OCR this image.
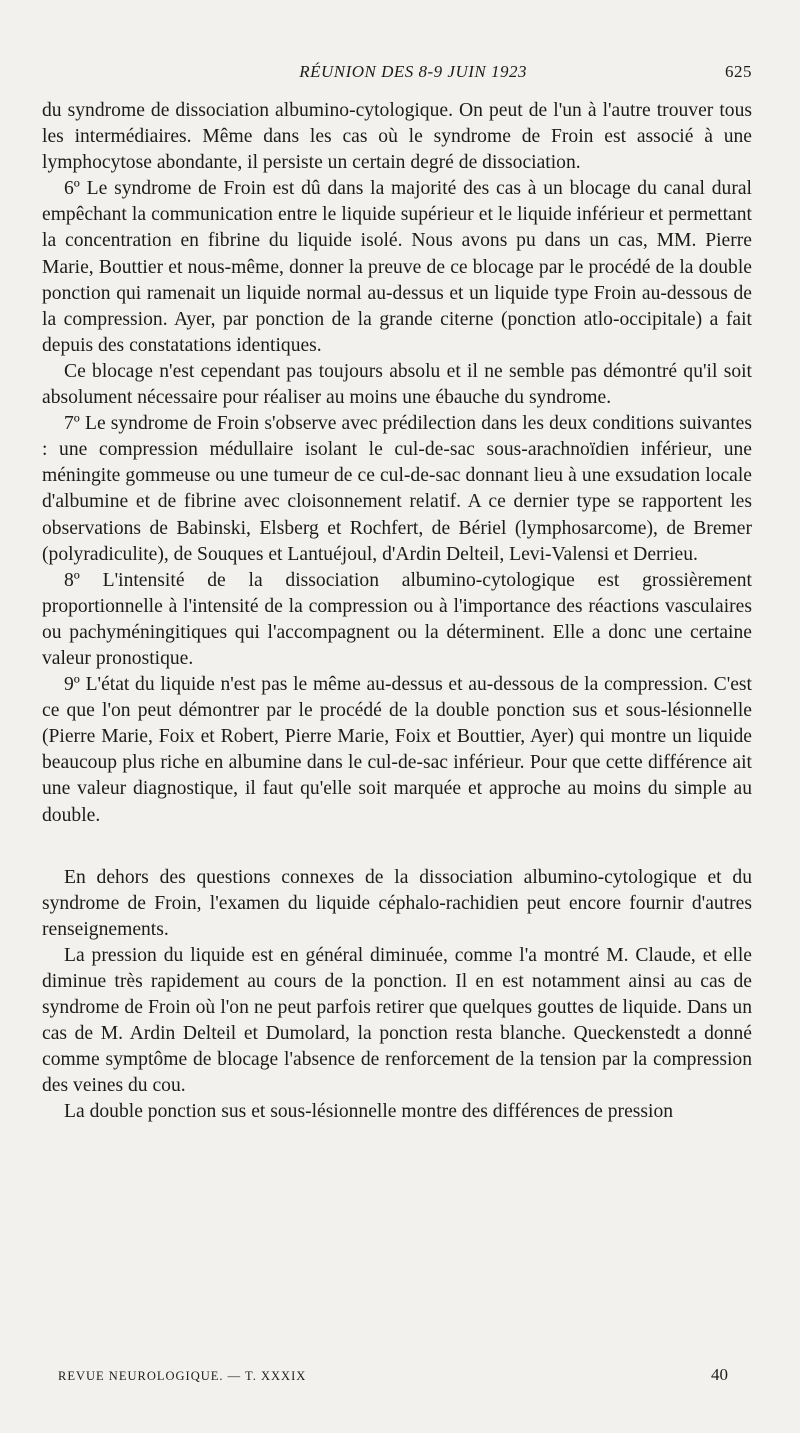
RÉUNION DES 8-9 JUIN 1923	625

du syndrome de dissociation albumino-cytologique. On peut de l'un à l'autre trouver tous les intermédiaires. Même dans les cas où le syndrome de Froin est associé à une lymphocytose abondante, il persiste un certain degré de dissociation.

6º Le syndrome de Froin est dû dans la majorité des cas à un blocage du canal dural empêchant la communication entre le liquide supérieur et le liquide inférieur et permettant la concentration en fibrine du liquide isolé. Nous avons pu dans un cas, MM. Pierre Marie, Bouttier et nous-même, donner la preuve de ce blocage par le procédé de la double ponction qui ramenait un liquide normal au-dessus et un liquide type Froin au-dessous de la compression. Ayer, par ponction de la grande citerne (ponction atlo-occipitale) a fait depuis des constatations identiques.

Ce blocage n'est cependant pas toujours absolu et il ne semble pas démontré qu'il soit absolument nécessaire pour réaliser au moins une ébauche du syndrome.

7º Le syndrome de Froin s'observe avec prédilection dans les deux conditions suivantes : une compression médullaire isolant le cul-de-sac sous-arachnoïdien inférieur, une méningite gommeuse ou une tumeur de ce cul-de-sac donnant lieu à une exsudation locale d'albumine et de fibrine avec cloisonnement relatif. A ce dernier type se rapportent les observations de Babinski, Elsberg et Rochfert, de Bériel (lymphosarcome), de Bremer (polyradiculite), de Souques et Lantuéjoul, d'Ardin Delteil, Levi-Valensi et Derrieu.

8º L'intensité de la dissociation albumino-cytologique est grossièrement proportionnelle à l'intensité de la compression ou à l'importance des réactions vasculaires ou pachyméningitiques qui l'accompagnent ou la déterminent. Elle a donc une certaine valeur pronostique.

9º L'état du liquide n'est pas le même au-dessus et au-dessous de la compression. C'est ce que l'on peut démontrer par le procédé de la double ponction sus et sous-lésionnelle (Pierre Marie, Foix et Robert, Pierre Marie, Foix et Bouttier, Ayer) qui montre un liquide beaucoup plus riche en albumine dans le cul-de-sac inférieur. Pour que cette différence ait une valeur diagnostique, il faut qu'elle soit marquée et approche au moins du simple au double.

En dehors des questions connexes de la dissociation albumino-cytologique et du syndrome de Froin, l'examen du liquide céphalo-rachidien peut encore fournir d'autres renseignements.

La pression du liquide est en général diminuée, comme l'a montré M. Claude, et elle diminue très rapidement au cours de la ponction. Il en est notamment ainsi au cas de syndrome de Froin où l'on ne peut parfois retirer que quelques gouttes de liquide. Dans un cas de M. Ardin Delteil et Dumolard, la ponction resta blanche. Queckenstedt a donné comme symptôme de blocage l'absence de renforcement de la tension par la compression des veines du cou.

La double ponction sus et sous-lésionnelle montre des différences de pression

REVUE NEUROLOGIQUE. — T. XXXIX	40
